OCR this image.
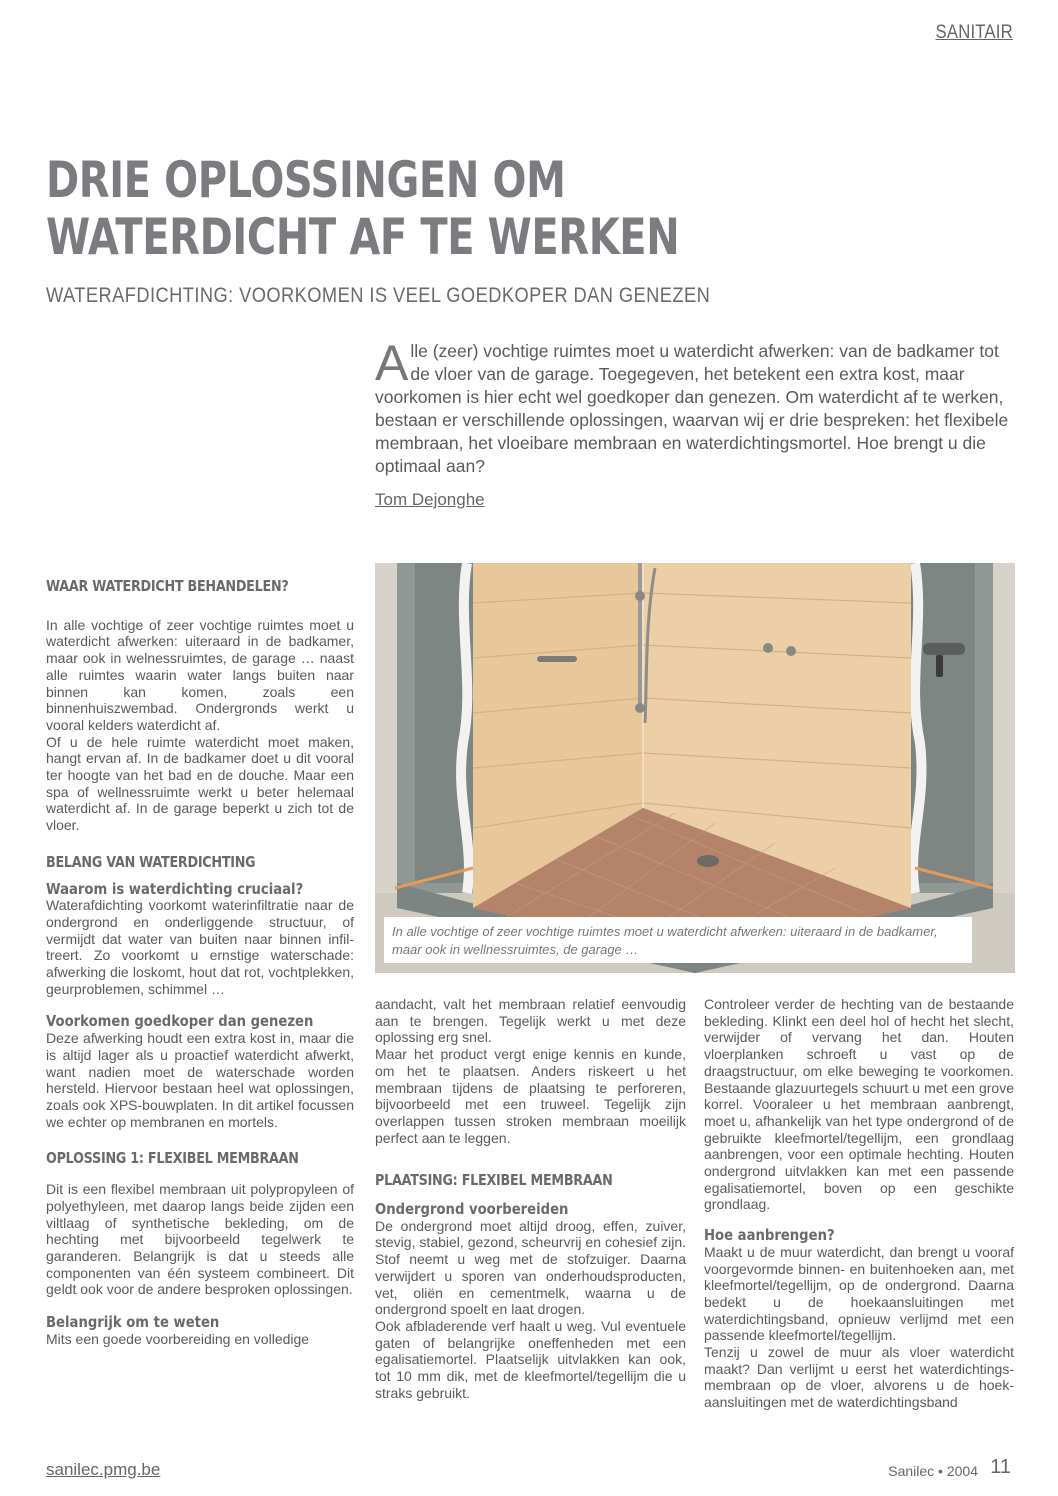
SANITAIR
DRIE OPLOSSINGEN OM
WATERDICHT AF TE WERKEN
WATERAFDICHTING: VOORKOMEN IS VEEL GOEDKOPER DAN GENEZEN
A lle (zeer) vochtige ruimtes moet u waterdicht afwerken: van de badkamer tot de vloer van de garage. Toegegeven, het betekent een extra kost, maar voorkomen is hier echt wel goedkoper dan genezen. Om waterdicht af te werken, bestaan er verschillende oplossingen, waarvan wij er drie bespreken: het flexibele membraan, het vloeibare membraan en waterdichtingsmortel. Hoe brengt u die optimaal aan?
Tom Dejonghe
WAAR WATERDICHT BEHANDELEN?

In alle vochtige of zeer vochtige ruimtes moet u waterdicht afwerken: uiteraard in de badkamer, maar ook in welnessruimtes, de garage … naast alle ruimtes waarin water langs buiten naar binnen kan komen, zoals een binnenhuiszwembad. Ondergronds werkt u vooral kelders waterdicht af.

Of u de hele ruimte waterdicht moet maken, hangt ervan af. In de badkamer doet u dit vooral ter hoogte van het bad en de douche. Maar een spa of wellnessruimte werkt u beter helemaal waterdicht af. In de garage beperkt u zich tot de vloer.

BELANG VAN WATERDICHTING
Waarom is waterdichting cruciaal?

Waterafdichting voorkomt waterinfiltratie naar de ondergrond en onderliggende structuur, of vermijdt dat water van buiten naar binnen infiltreert. Zo voorkomt u ernstige waterschade: afwerking die loskomt, hout dat rot, vochtplekken, geurproblemen, schimmel …

Voorkomen goedkoper dan genezen

Deze afwerking houdt een extra kost in, maar die is altijd lager als u proactief waterdicht afwerkt, want nadien moet de waterschade worden hersteld. Hiervoor bestaan heel wat oplossingen, zoals ook XPS-bouwplaten. In dit artikel focussen we echter op membranen en mortels.

OPLOSSING 1: FLEXIBEL MEMBRAAN

Dit is een flexibel membraan uit polypropyleen of polyethyleen, met daarop langs beide zijden een viltlaag of synthetische bekleding, om de hechting met bijvoorbeeld tegelwerk te garanderen. Belangrijk is dat u steeds alle componenten van één systeem combineert. Dit geldt ook voor de andere besproken oplossingen.

Belangrijk om te weten

Mits een goede voorbereiding en volledige

In alle vochtige of zeer vochtige ruimtes moet u waterdicht afwerken: uiteraard in de badkamer, maar ook in wellnessruimtes, de garage …

aandacht, valt het membraan relatief eenvoudig aan te brengen. Tegelijk werkt u met deze oplossing erg snel.

Maar het product vergt enige kennis en kunde, om het te plaatsen. Anders riskeert u het membraan tijdens de plaatsing te perforeren, bijvoorbeeld met een truweel. Tegelijk zijn overlappen tussen stroken membraan moeilijk perfect aan te leggen.

PLAATSING: FLEXIBEL MEMBRAAN
Ondergrond voorbereiden

De ondergrond moet altijd droog, effen, zuiver, stevig, stabiel, gezond, scheurvrij en cohesief zijn. Stof neemt u weg met de stofzuiger. Daarna verwijdert u sporen van onderhoudsproducten, vet, oliën en cementmelk, waarna u de ondergrond spoelt en laat drogen.

Ook afbladerende verf haalt u weg. Vul eventuele gaten of belangrijke oneffenheden met een egalisatiemortel. Plaatselijk uitvlakken kan ook, tot 10 mm dik, met de kleefmortel/tegellijm die u straks gebruikt.

Controleer verder de hechting van de bestaande bekleding. Klinkt een deel hol of hecht het slecht, verwijder of vervang het dan. Houten vloerplanken schroeft u vast op de draagstructuur, om elke beweging te voorkomen. Bestaande glazuurtegels schuurt u met een grove korrel. Vooraleer u het membraan aanbrengt, moet u, afhankelijk van het type ondergrond of de gebruikte kleefmortel/tegellijm, een grondlaag aanbrengen, voor een optimale hechting. Houten ondergrond uitvlakken kan met een passende egalisatiemortel, boven op een geschikte grondlaag.

Hoe aanbrengen?

Maakt u de muur waterdicht, dan brengt u vooraf voorgevormde binnen- en buitenhoeken aan, met kleefmortel/tegellijm, op de ondergrond. Daarna bedekt u de hoekaansluitingen met waterdichtingsband, opnieuw verlijmd met een passende kleefmortel/tegellijm.

Tenzij u zowel de muur als vloer waterdicht maakt? Dan verlijmt u eerst het waterdichtingsmembraan op de vloer, alvorens u de hoekaansluitingen met de waterdichtingsband

sanilec.pmg.be	Sanilec • 2004 11
